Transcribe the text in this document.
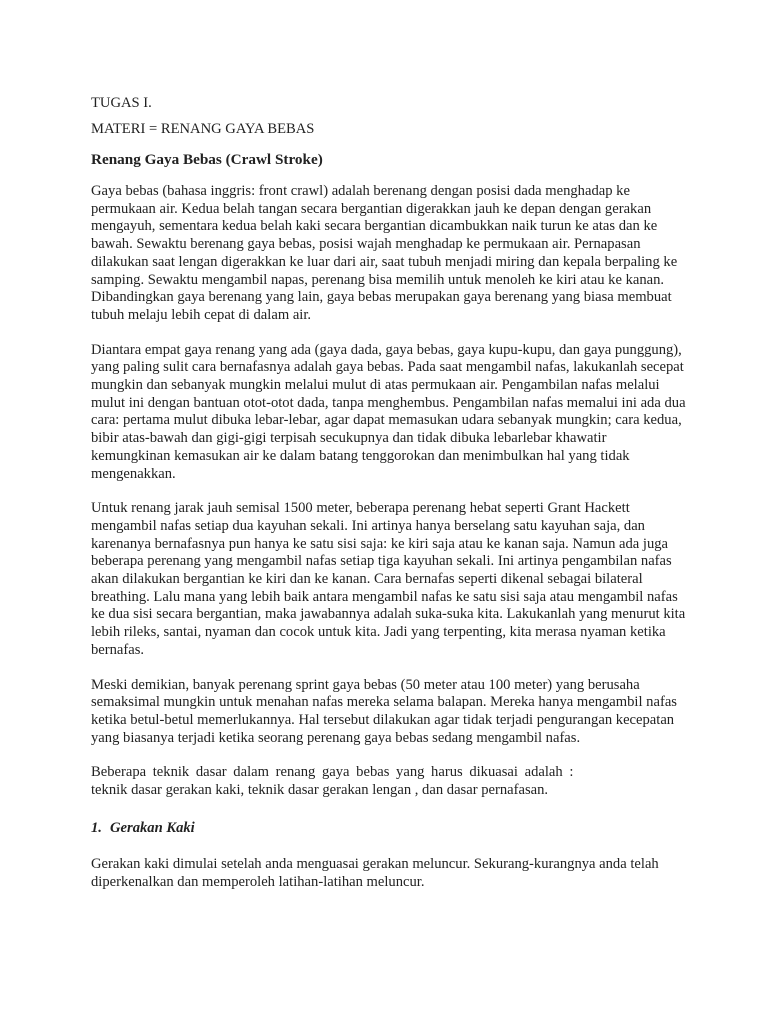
TUGAS I.
MATERI = RENANG GAYA BEBAS
Renang Gaya Bebas (Crawl Stroke)

Gaya bebas (bahasa inggris: front crawl) adalah berenang dengan posisi dada menghadap ke permukaan air. Kedua belah tangan secara bergantian digerakkan jauh ke depan dengan gerakan mengayuh, sementara kedua belah kaki secara bergantian dicambukkan naik turun ke atas dan ke bawah. Sewaktu berenang gaya bebas, posisi wajah menghadap ke permukaan air. Pernapasan dilakukan saat lengan digerakkan ke luar dari air, saat tubuh menjadi miring dan kepala berpaling ke samping. Sewaktu mengambil napas, perenang bisa memilih untuk menoleh ke kiri atau ke kanan. Dibandingkan gaya berenang yang lain, gaya bebas merupakan gaya berenang yang biasa membuat tubuh melaju lebih cepat di dalam air.

Diantara empat gaya renang yang ada (gaya dada, gaya bebas, gaya kupu-kupu, dan gaya punggung), yang paling sulit cara bernafasnya adalah gaya bebas. Pada saat mengambil nafas, lakukanlah secepat mungkin dan sebanyak mungkin melalui mulut di atas permukaan air. Pengambilan nafas melalui mulut ini dengan bantuan otot-otot dada, tanpa menghembus. Pengambilan nafas memalui ini ada dua cara: pertama mulut dibuka lebar-lebar, agar dapat memasukan udara sebanyak mungkin; cara kedua, bibir atas-bawah dan gigi-gigi terpisah secukupnya dan tidak dibuka lebarlebar khawatir kemungkinan kemasukan air ke dalam batang tenggorokan dan menimbulkan hal yang tidak mengenakkan.

Untuk renang jarak jauh semisal 1500 meter, beberapa perenang hebat seperti Grant Hackett mengambil nafas setiap dua kayuhan sekali. Ini artinya hanya berselang satu kayuhan saja, dan karenanya bernafasnya pun hanya ke satu sisi saja: ke kiri saja atau ke kanan saja. Namun ada juga beberapa perenang yang mengambil nafas setiap tiga kayuhan sekali. Ini artinya pengambilan nafas akan dilakukan bergantian ke kiri dan ke kanan. Cara bernafas seperti dikenal sebagai bilateral breathing. Lalu mana yang lebih baik antara mengambil nafas ke satu sisi saja atau mengambil nafas ke dua sisi secara bergantian, maka jawabannya adalah suka-suka kita. Lakukanlah yang menurut kita lebih rileks, santai, nyaman dan cocok untuk kita. Jadi yang terpenting, kita merasa nyaman ketika bernafas.

Meski demikian, banyak perenang sprint gaya bebas (50 meter atau 100 meter) yang berusaha semaksimal mungkin untuk menahan nafas mereka selama balapan. Mereka hanya mengambil nafas ketika betul-betul memerlukannya. Hal tersebut dilakukan agar tidak terjadi pengurangan kecepatan yang biasanya terjadi ketika seorang perenang gaya bebas sedang mengambil nafas.

Beberapa teknik dasar dalam renang gaya bebas yang harus dikuasai adalah :
teknik dasar gerakan kaki, teknik dasar gerakan lengan , dan dasar pernafasan.
1. Gerakan Kaki

Gerakan kaki dimulai setelah anda menguasai gerakan meluncur. Sekurang-kurangnya anda telah diperkenalkan dan memperoleh latihan-latihan meluncur.
